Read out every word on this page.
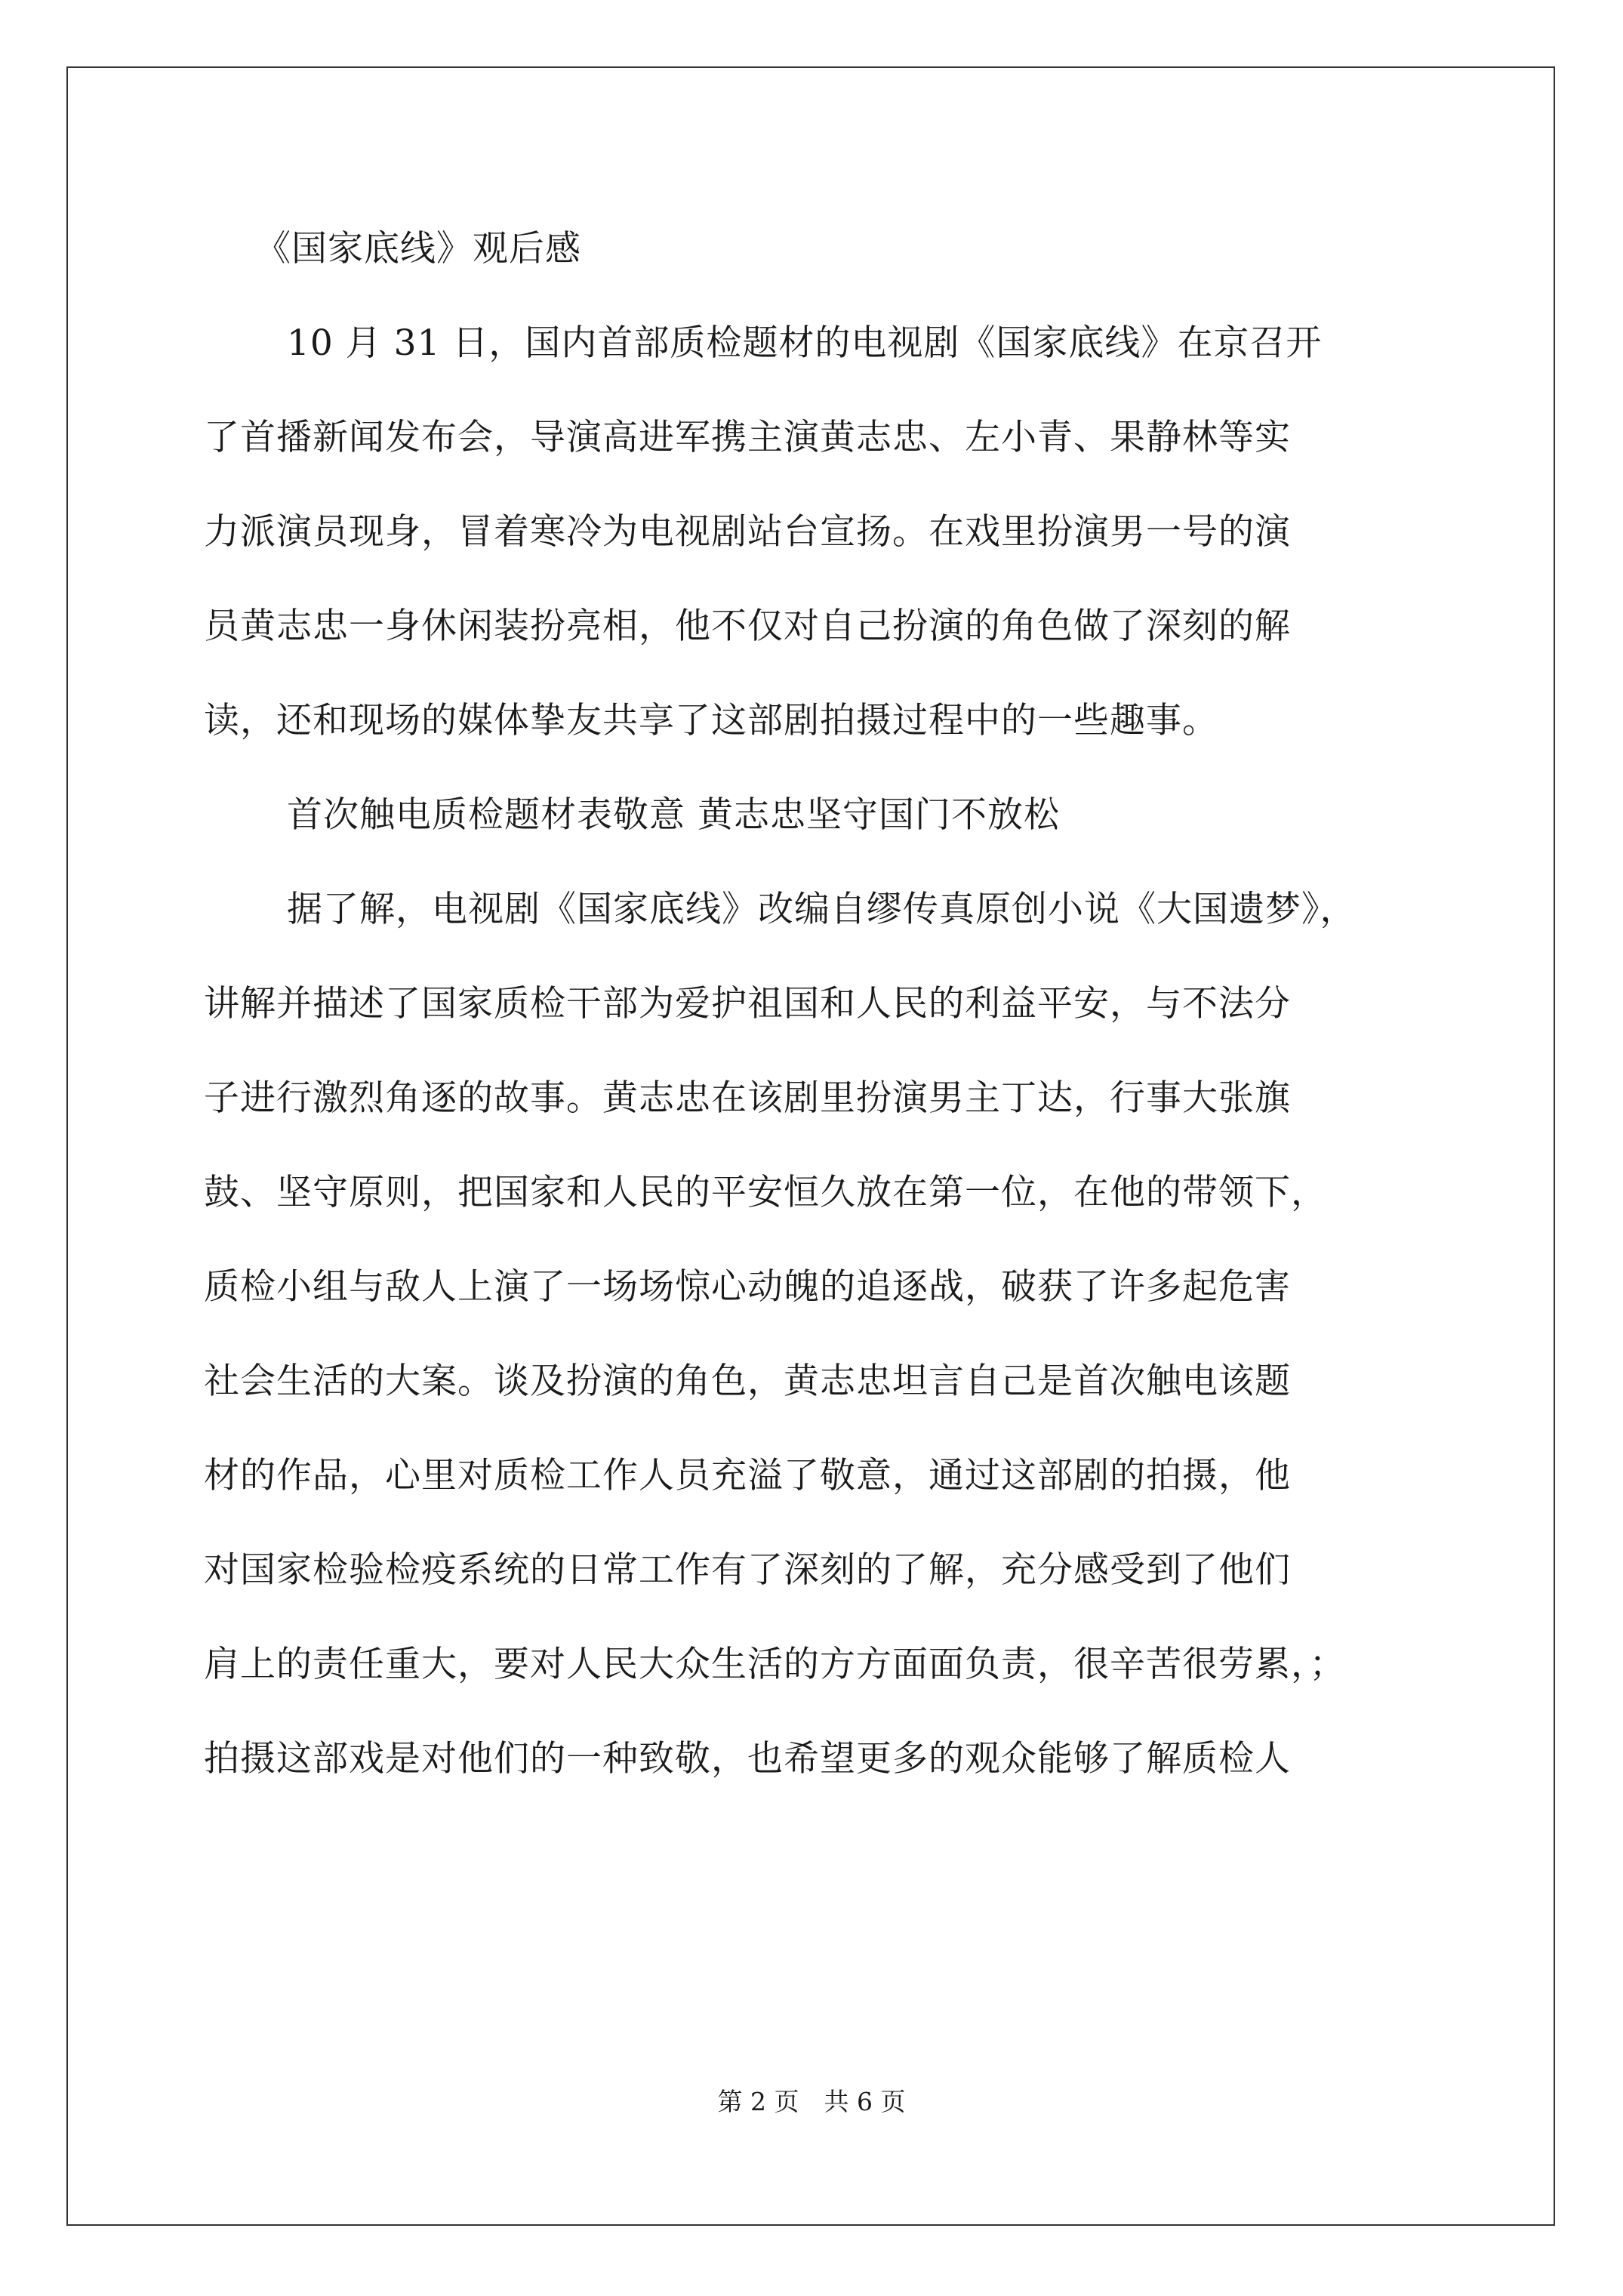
《国家底线》观后感
10 月 31 日，国内首部质检题材的电视剧《国家底线》在京召开
了首播新闻发布会，导演高进军携主演黄志忠、左小青、果静林等实
力派演员现身，冒着寒冷为电视剧站台宣扬。在戏里扮演男一号的演
员黄志忠一身休闲装扮亮相，他不仅对自己扮演的角色做了深刻的解
读，还和现场的媒体挚友共享了这部剧拍摄过程中的一些趣事。
首次触电质检题材表敬意 黄志忠坚守国门不放松
据了解，电视剧《国家底线》改编自缪传真原创小说《大国遗梦》，
讲解并描述了国家质检干部为爱护祖国和人民的利益平安，与不法分
子进行激烈角逐的故事。黄志忠在该剧里扮演男主丁达，行事大张旗
鼓、坚守原则，把国家和人民的平安恒久放在第一位，在他的带领下，
质检小组与敌人上演了一场场惊心动魄的追逐战，破获了许多起危害
社会生活的大案。谈及扮演的角色，黄志忠坦言自己是首次触电该题
材的作品，心里对质检工作人员充溢了敬意，通过这部剧的拍摄，他
对国家检验检疫系统的日常工作有了深刻的了解，充分感受到了他们
肩上的责任重大，要对人民大众生活的方方面面负责，很辛苦很劳累，；
拍摄这部戏是对他们的一种致敬，也希望更多的观众能够了解质检人
第 2 页　共 6 页
